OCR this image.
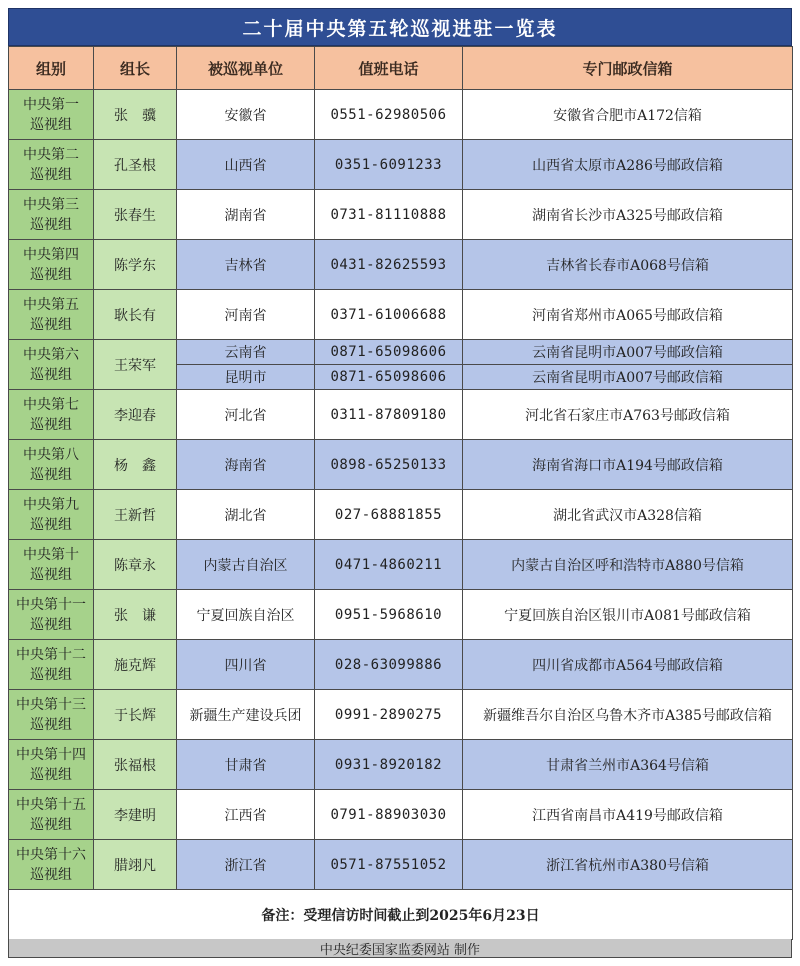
二十届中央第五轮巡视进驻一览表
组别	组长	被巡视单位	值班电话	专门邮政信箱

中央第一
巡视组	张　骥	安徽省	0551-62980506	安徽省合肥市A172信箱

中央第二
巡视组	孔圣根	山西省	0351-6091233	山西省太原市A286号邮政信箱

中央第三
巡视组	张春生	湖南省	0731-81110888	湖南省长沙市A325号邮政信箱

中央第四
巡视组	陈学东	吉林省	0431-82625593	吉林省长春市A068号信箱

中央第五
巡视组	耿长有	河南省	0371-61006688	河南省郑州市A065号邮政信箱

中央第六
巡视组	王荣军	云南省	0871-65098606	云南省昆明市A007号邮政信箱
		昆明市	0871-65098606	云南省昆明市A007号邮政信箱

中央第七
巡视组	李迎春	河北省	0311-87809180	河北省石家庄市A763号邮政信箱

中央第八
巡视组	杨　鑫	海南省	0898-65250133	海南省海口市A194号邮政信箱

中央第九
巡视组	王新哲	湖北省	027-68881855	湖北省武汉市A328信箱

中央第十
巡视组	陈章永	内蒙古自治区	0471-4860211	内蒙古自治区呼和浩特市A880号信箱

中央第十一
巡视组	张　谦	宁夏回族自治区	0951-5968610	宁夏回族自治区银川市A081号邮政信箱

中央第十二
巡视组	施克辉	四川省	028-63099886	四川省成都市A564号邮政信箱

中央第十三
巡视组	于长辉	新疆生产建设兵团	0991-2890275	新疆维吾尔自治区乌鲁木齐市A385号邮政信箱

中央第十四
巡视组	张福根	甘肃省	0931-8920182	甘肃省兰州市A364号信箱

中央第十五
巡视组	李建明	江西省	0791-88903030	江西省南昌市A419号邮政信箱

中央第十六
巡视组	腊翊凡	浙江省	0571-87551052	浙江省杭州市A380号信箱
备注：受理信访时间截止到2025年6月23日				
中央纪委国家监委网站 制作
